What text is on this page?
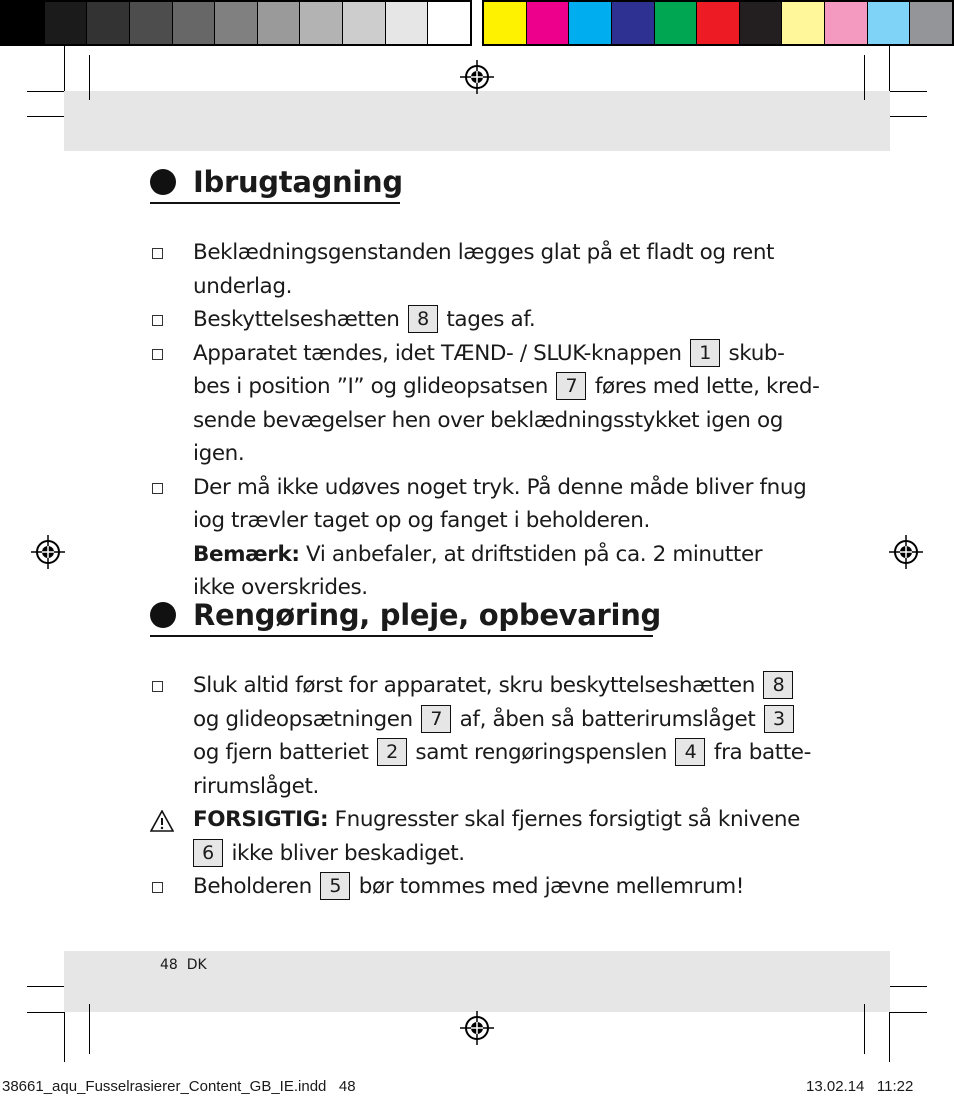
Ibrugtagning
Beklædningsgenstanden lægges glat på et fladt og rent
underlag.
Beskyttelseshætten 8 tages af.
Apparatet tændes, idet TÆND- / SLUK-knappen 1 skub-
bes i position ”I” og glideopsatsen 7 føres med lette, kred-
sende bevægelser hen over beklædningsstykket igen og igen.
Der må ikke udøves noget tryk. På denne måde bliver fnug
iog trævler taget op og fanget i beholderen.
Bemærk: Vi anbefaler, at driftstiden på ca. 2 minutter
ikke overskrides.
Rengøring, pleje, opbevaring
Sluk altid først for apparatet, skru beskyttelseshætten 8
og glideopsætningen 7 af, åben så batterirumslåget 3
og fjern batteriet 2 samt rengøringspenslen 4 fra batte-
rirumslåget.
FORSIGTIG: Fnugresster skal fjernes forsigtigt så knivene
6 ikke bliver beskadiget.
Beholderen 5 bør tommes med jævne mellemrum!
48  DK
38661_aqu_Fusselrasierer_Content_GB_IE.indd   48	13.02.14   11:22
